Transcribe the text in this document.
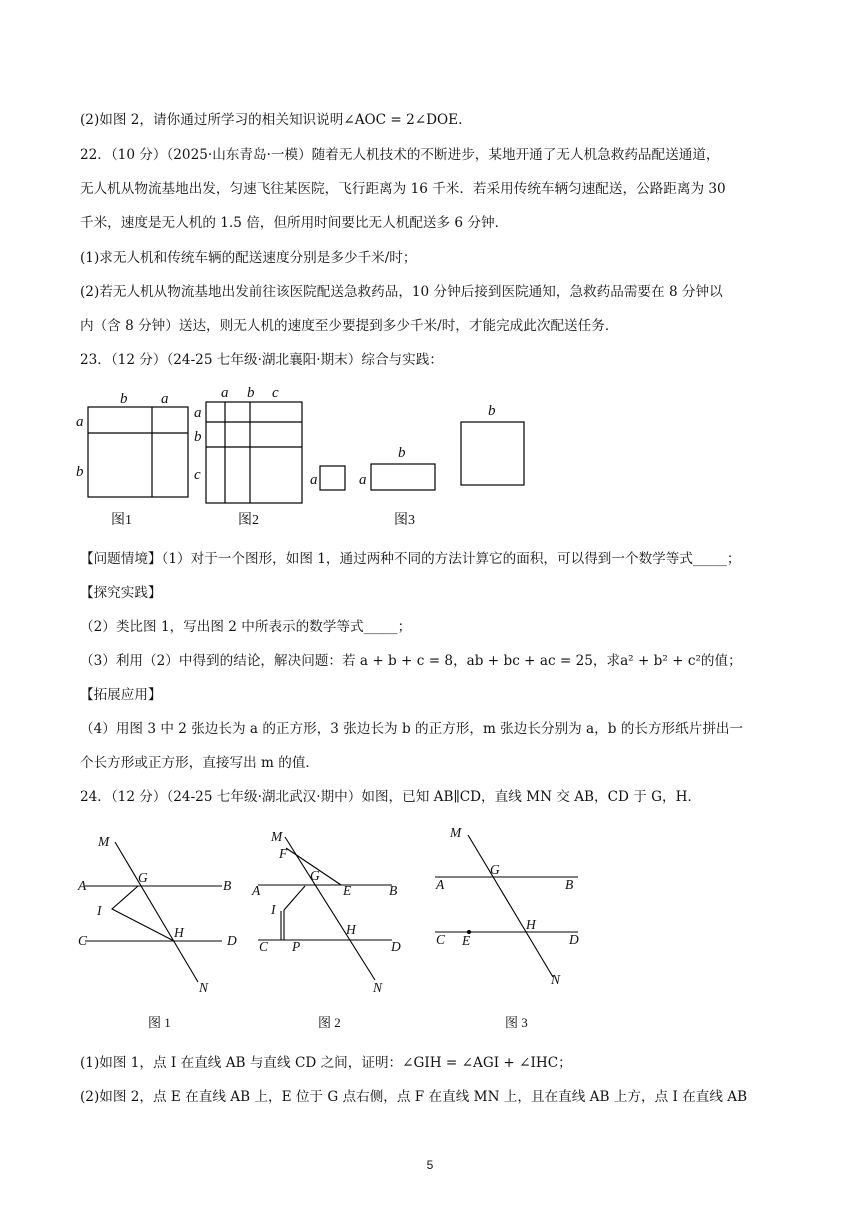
(2)如图 2，请你通过所学习的相关知识说明∠AOC = 2∠DOE.
22．（10 分）（2025·山东青岛·一模）随着无人机技术的不断进步，某地开通了无人机急救药品配送通道，
无人机从物流基地出发，匀速飞往某医院，飞行距离为 16 千米．若采用传统车辆匀速配送，公路距离为 30
千米，速度是无人机的 1.5 倍，但所用时间要比无人机配送多 6 分钟．
(1)求无人机和传统车辆的配送速度分别是多少千米/时；
(2)若无人机从物流基地出发前往该医院配送急救药品，10 分钟后接到医院通知，急救药品需要在 8 分钟以
内（含 8 分钟）送达，则无人机的速度至少要提到多少千米/时，才能完成此次配送任务．
23．（12 分）（24-25 七年级·湖北襄阳·期末）综合与实践：
b a
a
b
a b c
a
b
c	a	a
b
b
图1	图2	图3
【问题情境】（1）对于一个图形，如图 1，通过两种不同的方法计算它的面积，可以得到一个数学等式_____；
【探究实践】
（2）类比图 1，写出图 2 中所表示的数学等式_____；
（3）利用（2）中得到的结论，解决问题：若 a + b + c = 8，ab + bc + ac = 25，求a² + b² + c²的值；
【拓展应用】
（4）用图 3 中 2 张边长为 a 的正方形，3 张边长为 b 的正方形，m 张边长分别为 a，b 的长方形纸片拼出一
个长方形或正方形，直接写出 m 的值．
24．（12 分）（24-25 七年级·湖北武汉·期中）如图，已知 AB∥CD，直线 MN 交 AB，CD 于 G，H．
M
A
G
B
I
C
H
D
N
M
F
G
A	E	B
I
H
C P	D
N
M
G
A	B
H
C E	D
N
图 1	图 2	图 3
(1)如图 1，点 I 在直线 AB 与直线 CD 之间，证明：∠GIH = ∠AGI + ∠IHC；
(2)如图 2，点 E 在直线 AB 上，E 位于 G 点右侧，点 F 在直线 MN 上，且在直线 AB 上方，点 I 在直线 AB
5
